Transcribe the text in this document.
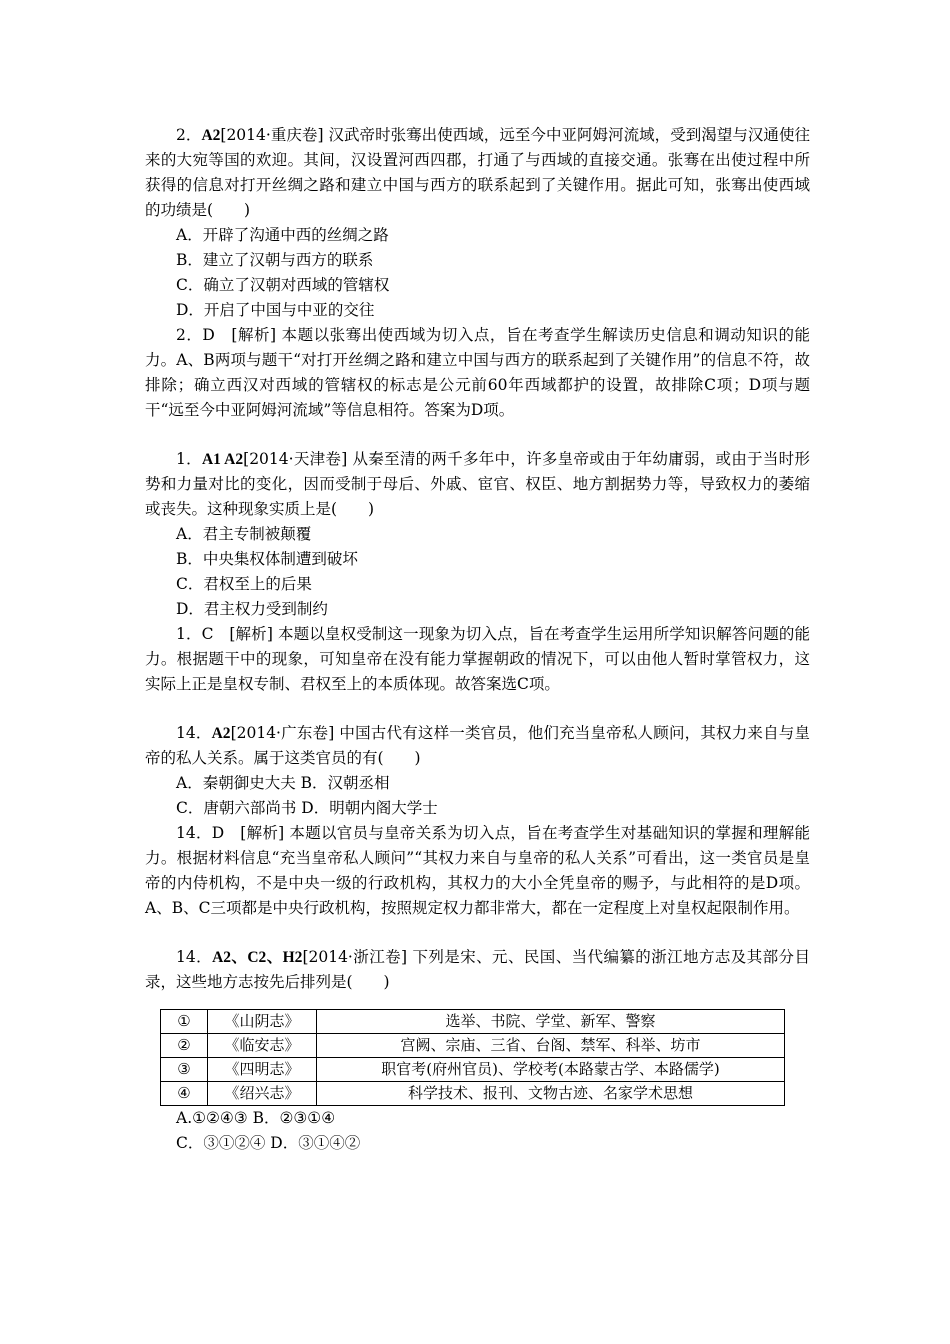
2．A2[2014·重庆卷] 汉武帝时张骞出使西域，远至今中亚阿姆河流域，受到渴望与汉通使往来的大宛等国的欢迎。其间，汉设置河西四郡，打通了与西域的直接交通。张骞在出使过程中所获得的信息对打开丝绸之路和建立中国与西方的联系起到了关键作用。据此可知，张骞出使西域的功绩是(　　)

A．开辟了沟通中西的丝绸之路

B．建立了汉朝与西方的联系

C．确立了汉朝对西域的管辖权

D．开启了中国与中亚的交往

2．D　[解析] 本题以张骞出使西域为切入点，旨在考查学生解读历史信息和调动知识的能力。A、B两项与题干“对打开丝绸之路和建立中国与西方的联系起到了关键作用”的信息不符，故排除；确立西汉对西域的管辖权的标志是公元前60年西域都护的设置，故排除C项；D项与题干“远至今中亚阿姆河流域”等信息相符。答案为D项。

1．A1 A2[2014·天津卷] 从秦至清的两千多年中，许多皇帝或由于年幼庸弱，或由于当时形势和力量对比的变化，因而受制于母后、外戚、宦官、权臣、地方割据势力等，导致权力的萎缩或丧失。这种现象实质上是(　　)

A．君主专制被颠覆

B．中央集权体制遭到破坏

C．君权至上的后果

D．君主权力受到制约

1．C　[解析] 本题以皇权受制这一现象为切入点，旨在考查学生运用所学知识解答问题的能力。根据题干中的现象，可知皇帝在没有能力掌握朝政的情况下，可以由他人暂时掌管权力，这实际上正是皇权专制、君权至上的本质体现。故答案选C项。

14．A2[2014·广东卷] 中国古代有这样一类官员，他们充当皇帝私人顾问，其权力来自与皇帝的私人关系。属于这类官员的有(　　)

A．秦朝御史大夫 B．汉朝丞相

C．唐朝六部尚书 D．明朝内阁大学士

14．D　[解析] 本题以官员与皇帝关系为切入点，旨在考查学生对基础知识的掌握和理解能力。根据材料信息“充当皇帝私人顾问”“其权力来自与皇帝的私人关系”可看出，这一类官员是皇帝的内侍机构，不是中央一级的行政机构，其权力的大小全凭皇帝的赐予，与此相符的是D项。A、B、C三项都是中央行政机构，按照规定权力都非常大，都在一定程度上对皇权起限制作用。

14．A2、C2、H2[2014·浙江卷] 下列是宋、元、民国、当代编纂的浙江地方志及其部分目录，这些地方志按先后排列是(　　)

①	《山阴志》	选举、书院、学堂、新军、警察
②	《临安志》	宫阙、宗庙、三省、台阁、禁军、科举、坊市
③	《四明志》	职官考(府州官员)、学校考(本路蒙古学、本路儒学)
④	《绍兴志》	科学技术、报刊、文物古迹、名家学术思想

A.①②④③ B．②③①④

C．③①②④ D．③①④②
